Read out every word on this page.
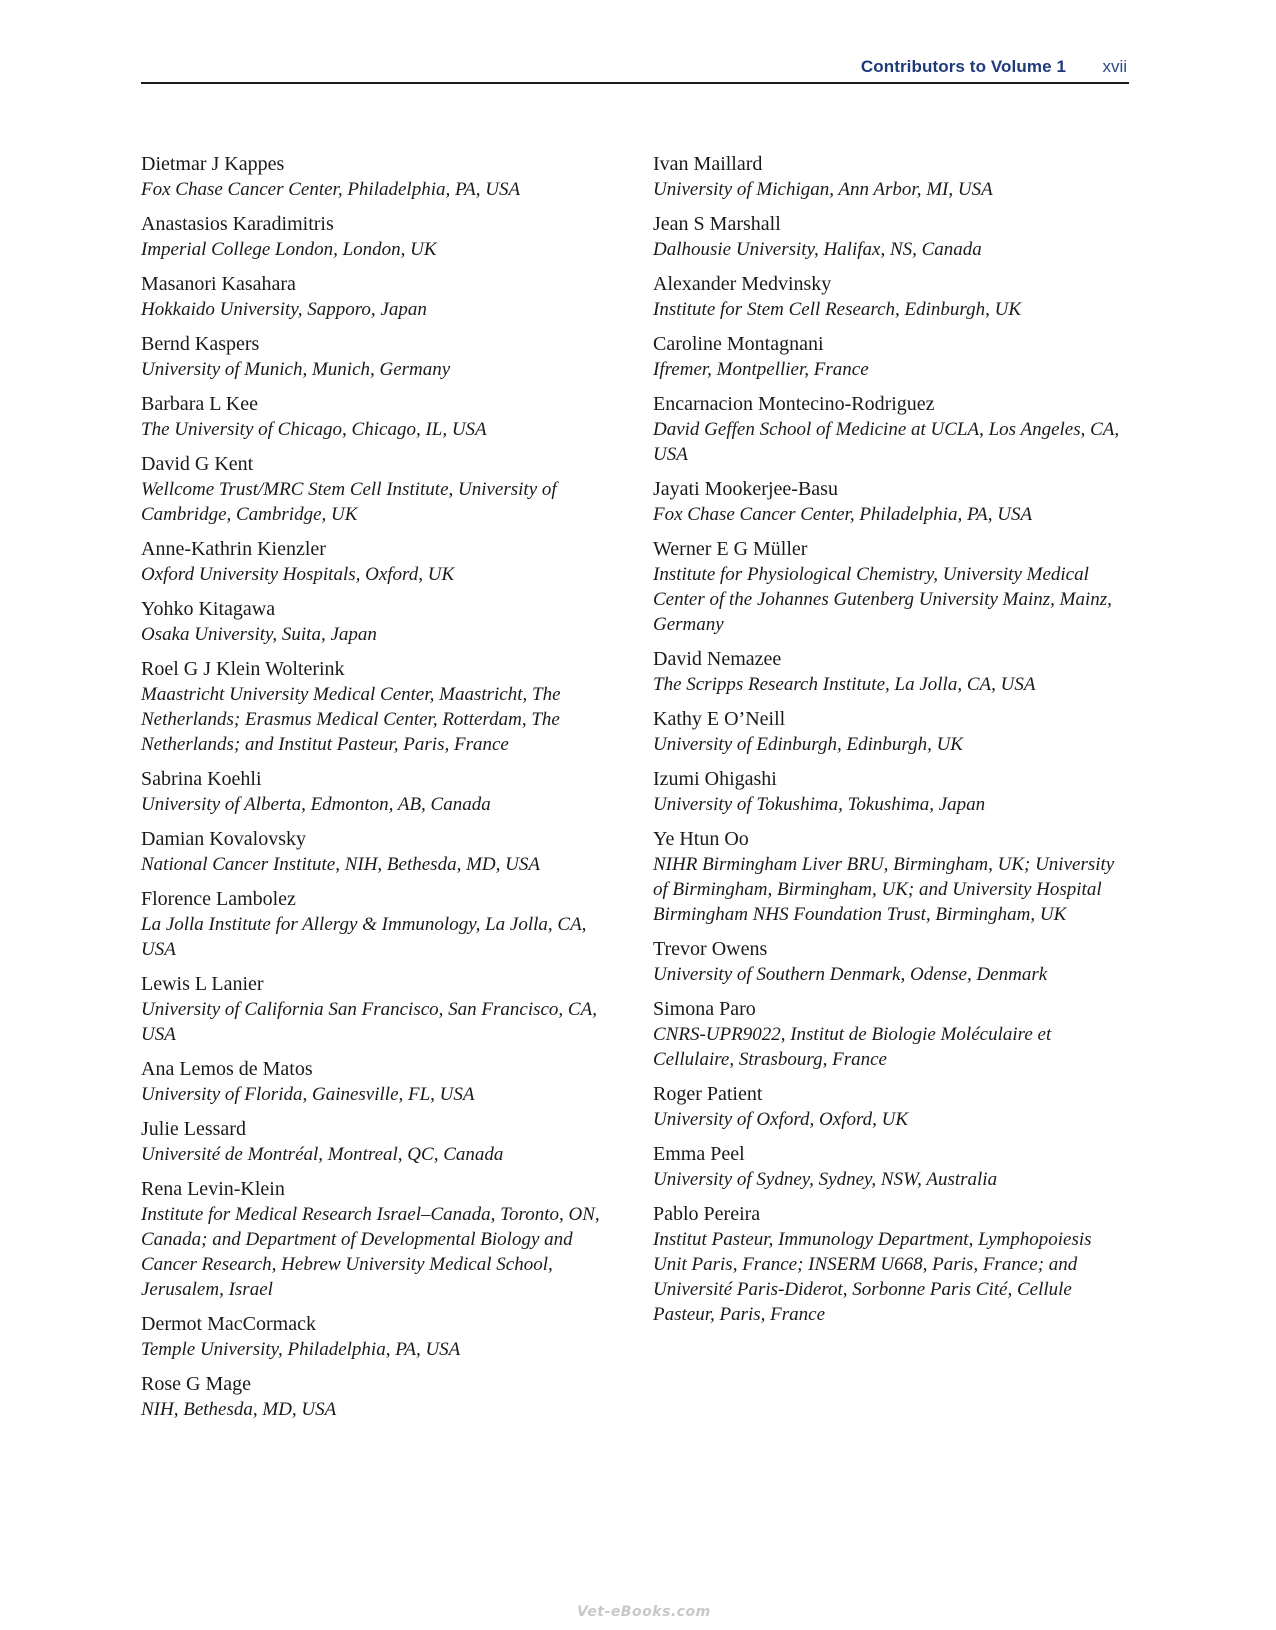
Contributors to Volume 1 xvii
Dietmar J Kappes
Fox Chase Cancer Center, Philadelphia, PA, USA
Anastasios Karadimitris
Imperial College London, London, UK
Masanori Kasahara
Hokkaido University, Sapporo, Japan
Bernd Kaspers
University of Munich, Munich, Germany
Barbara L Kee
The University of Chicago, Chicago, IL, USA
David G Kent
Wellcome Trust/MRC Stem Cell Institute, University of Cambridge, Cambridge, UK
Anne-Kathrin Kienzler
Oxford University Hospitals, Oxford, UK
Yohko Kitagawa
Osaka University, Suita, Japan
Roel G J Klein Wolterink
Maastricht University Medical Center, Maastricht, The Netherlands; Erasmus Medical Center, Rotterdam, The Netherlands; and Institut Pasteur, Paris, France
Sabrina Koehli
University of Alberta, Edmonton, AB, Canada
Damian Kovalovsky
National Cancer Institute, NIH, Bethesda, MD, USA
Florence Lambolez
La Jolla Institute for Allergy & Immunology, La Jolla, CA, USA
Lewis L Lanier
University of California San Francisco, San Francisco, CA, USA
Ana Lemos de Matos
University of Florida, Gainesville, FL, USA
Julie Lessard
Université de Montréal, Montreal, QC, Canada
Rena Levin-Klein
Institute for Medical Research Israel–Canada, Toronto, ON, Canada; and Department of Developmental Biology and Cancer Research, Hebrew University Medical School, Jerusalem, Israel
Dermot MacCormack
Temple University, Philadelphia, PA, USA
Rose G Mage
NIH, Bethesda, MD, USA
Ivan Maillard
University of Michigan, Ann Arbor, MI, USA
Jean S Marshall
Dalhousie University, Halifax, NS, Canada
Alexander Medvinsky
Institute for Stem Cell Research, Edinburgh, UK
Caroline Montagnani
Ifremer, Montpellier, France
Encarnacion Montecino-Rodriguez
David Geffen School of Medicine at UCLA, Los Angeles, CA, USA
Jayati Mookerjee-Basu
Fox Chase Cancer Center, Philadelphia, PA, USA
Werner E G Müller
Institute for Physiological Chemistry, University Medical Center of the Johannes Gutenberg University Mainz, Mainz, Germany
David Nemazee
The Scripps Research Institute, La Jolla, CA, USA
Kathy E O’Neill
University of Edinburgh, Edinburgh, UK
Izumi Ohigashi
University of Tokushima, Tokushima, Japan
Ye Htun Oo
NIHR Birmingham Liver BRU, Birmingham, UK; University of Birmingham, Birmingham, UK; and University Hospital Birmingham NHS Foundation Trust, Birmingham, UK
Trevor Owens
University of Southern Denmark, Odense, Denmark
Simona Paro
CNRS-UPR9022, Institut de Biologie Moléculaire et Cellulaire, Strasbourg, France
Roger Patient
University of Oxford, Oxford, UK
Emma Peel
University of Sydney, Sydney, NSW, Australia
Pablo Pereira
Institut Pasteur, Immunology Department, Lymphopoiesis Unit Paris, France; INSERM U668, Paris, France; and Université Paris-Diderot, Sorbonne Paris Cité, Cellule Pasteur, Paris, France
Vet-eBooks.com
